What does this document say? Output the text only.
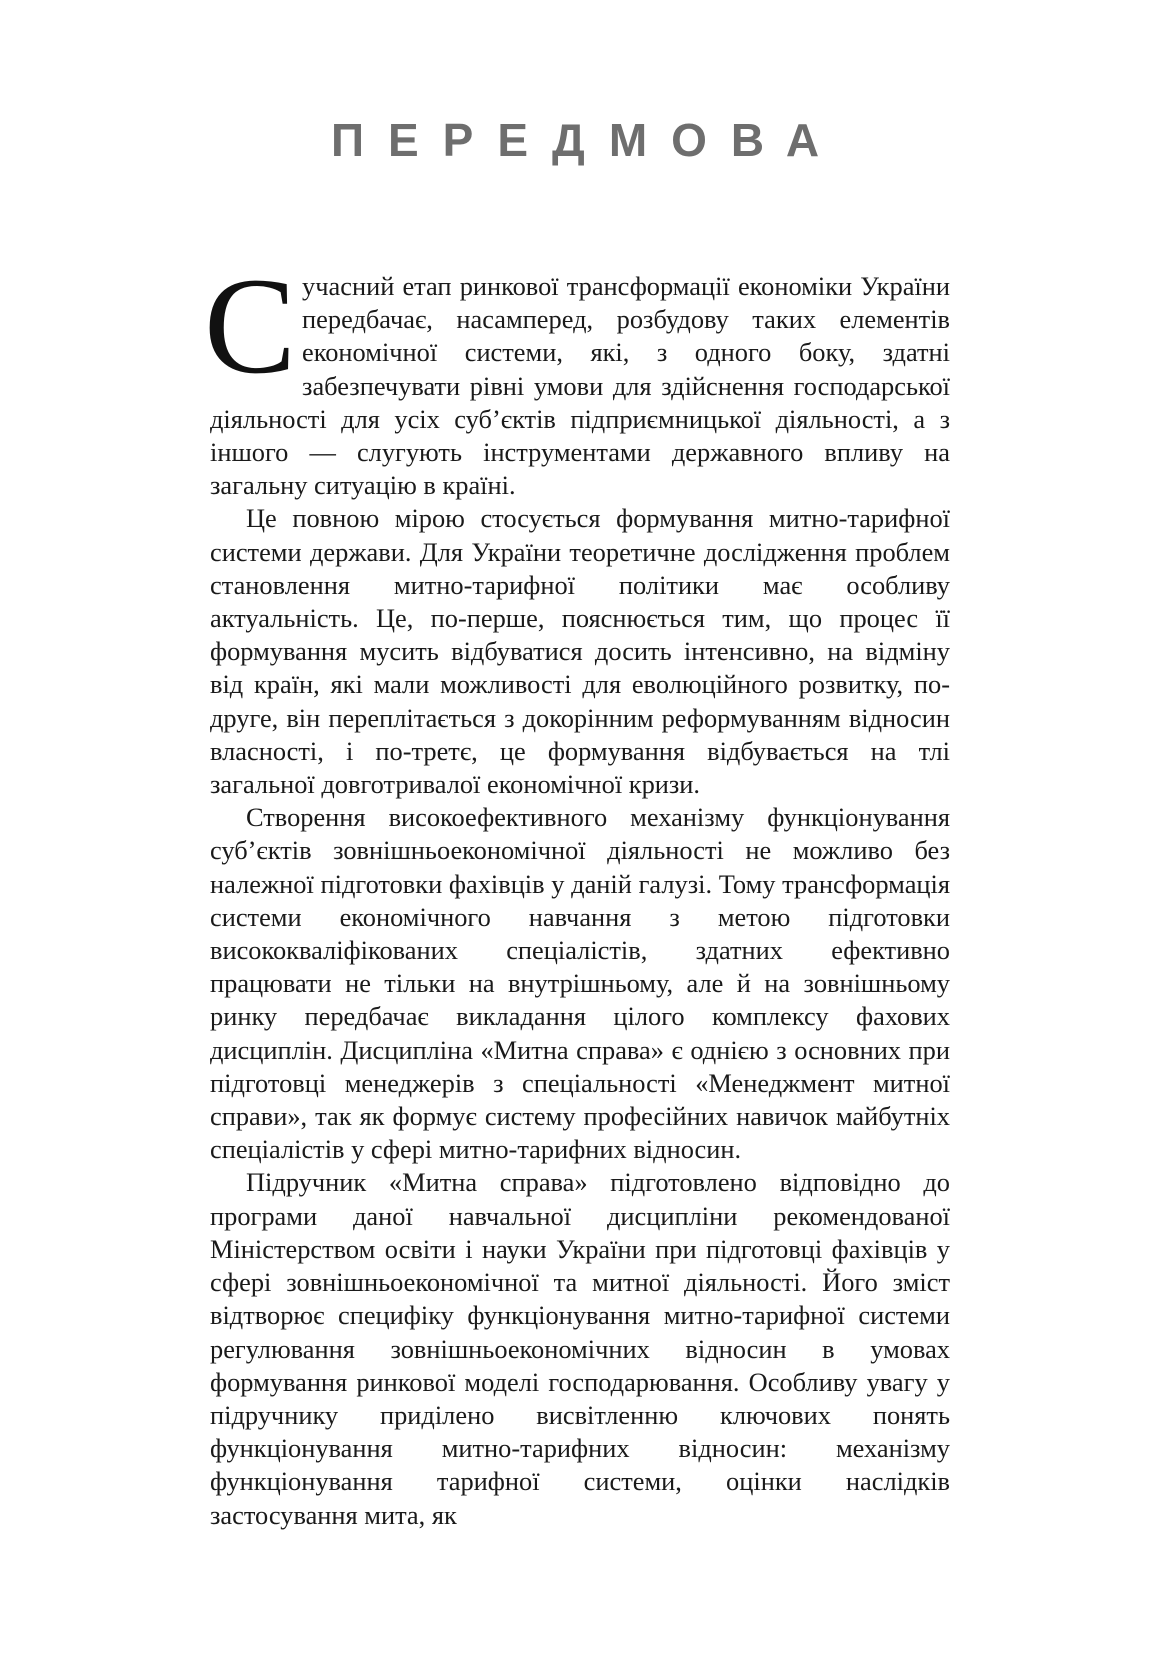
ПЕРЕДМОВА

Сучасний етап ринкової трансформації економіки України передбачає, насамперед, розбудову таких елементів економічної системи, які, з одного боку, здатні забезпечувати рівні умови для здійснення господарської діяльності для усіх суб’єктів підприємницької діяльності, а з іншого — слугують інструментами державного впливу на загальну ситуацію в країні.

Це повною мірою стосується формування митно-тарифної системи держави. Для України теоретичне дослідження проблем становлення митно-тарифної політики має особливу актуальність. Це, по-перше, пояснюється тим, що процес її формування мусить відбуватися досить інтенсивно, на відміну від країн, які мали можливості для еволюційного розвитку, по-друге, він переплітається з докорінним реформуванням відносин власності, і по-третє, це формування відбувається на тлі загальної довготривалої економічної кризи.

Створення високоефективного механізму функціонування суб’єктів зовнішньоекономічної діяльності не можливо без належної підготовки фахівців у даній галузі. Тому трансформація системи економічного навчання з метою підготовки висококваліфікованих спеціалістів, здатних ефективно працювати не тільки на внутрішньому, але й на зовнішньому ринку передбачає викладання цілого комплексу фахових дисциплін. Дисципліна «Митна справа» є однією з основних при підготовці менеджерів з спеціальності «Менеджмент митної справи», так як формує систему професійних навичок майбутніх спеціалістів у сфері митно-тарифних відносин.

Підручник «Митна справа» підготовлено відповідно до програми даної навчальної дисципліни рекомендованої Міністерством освіти і науки України при підготовці фахівців у сфері зовнішньоекономічної та митної діяльності. Його зміст відтворює специфіку функціонування митно-тарифної системи регулювання зовнішньоекономічних відносин в умовах формування ринкової моделі господарювання. Особливу увагу у підручнику приділено висвітленню ключових понять функціонування митно-тарифних відносин: механізму функціонування тарифної системи, оцінки наслідків застосування мита, як
